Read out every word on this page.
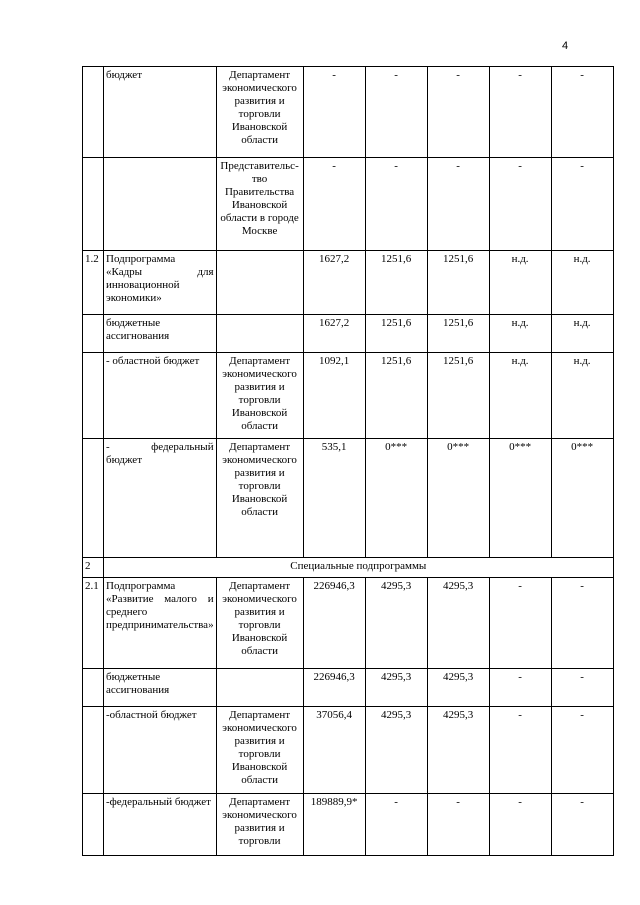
4
	бюджет	Департамент экономического развития и торговли Ивановской области	-	-	-	-	-
		Представительс-тво Правительства Ивановской области в городе Москве	-	-	-	-	-
1.2	Подпрограмма «Кадры для инновационной экономики»		1627,2	1251,6	1251,6	н.д.	н.д.
	бюджетные ассигнования		1627,2	1251,6	1251,6	н.д.	н.д.
	- областной бюджет	Департамент экономического развития и торговли Ивановской области	1092,1	1251,6	1251,6	н.д.	н.д.
	- федеральный бюджет	Департамент экономического развития и торговли Ивановской области	535,1	0***	0***	0***	0***
2	Специальные подпрограммы						
2.1	Подпрограмма «Развитие малого и среднего предпринимательства»	Департамент экономического развития и торговли Ивановской области	226946,3	4295,3	4295,3	-	-
	бюджетные ассигнования		226946,3	4295,3	4295,3	-	-
	-областной бюджет	Департамент экономического развития и торговли Ивановской области	37056,4	4295,3	4295,3	-	-
	-федеральный бюджет	Департамент экономического развития и торговли	189889,9*	-	-	-	-
